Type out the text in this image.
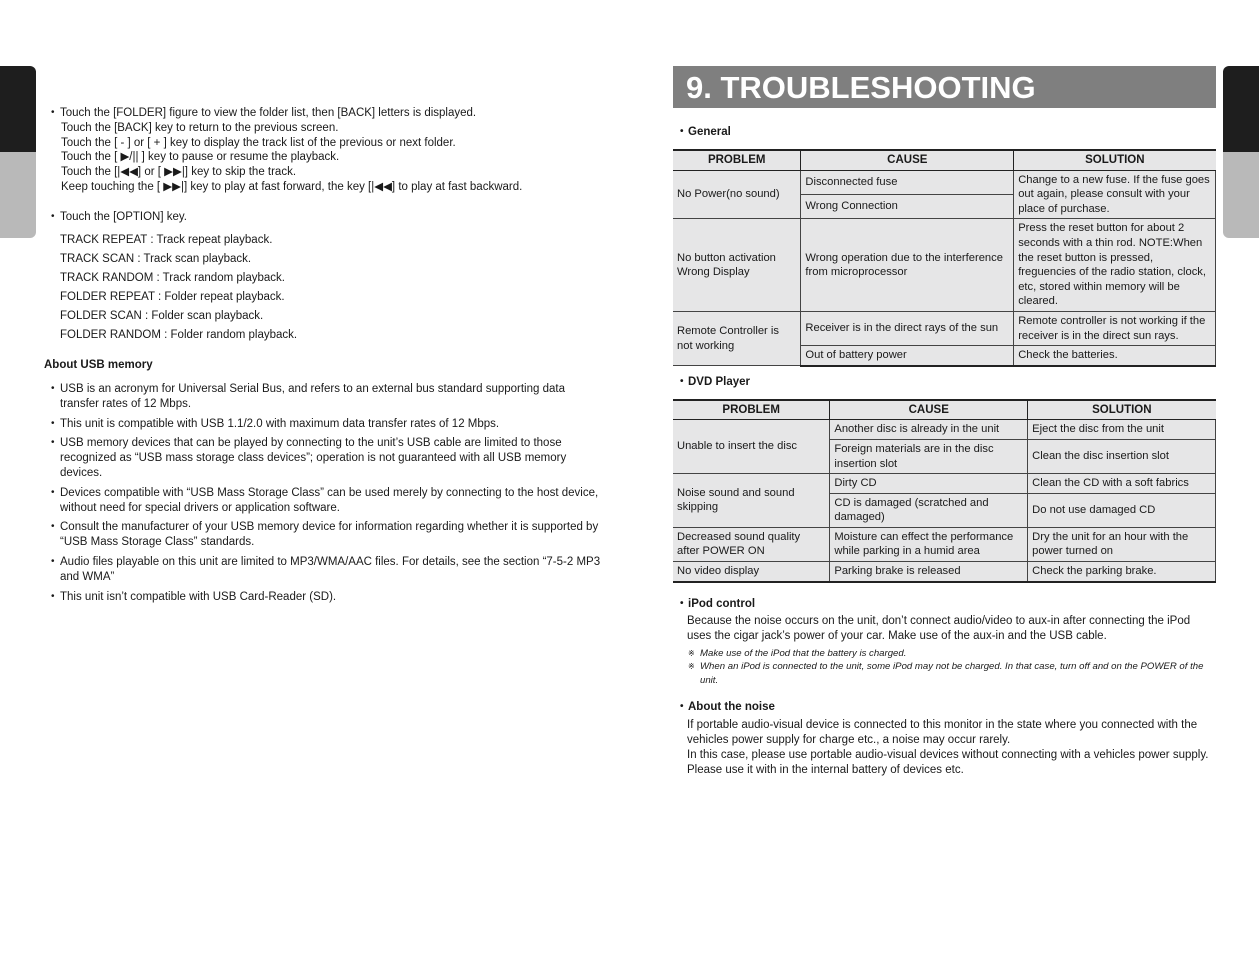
• Touch the [FOLDER] figure to view the folder list, then [BACK] letters is displayed.
Touch the [BACK] key to return to the previous screen.
Touch the [ - ] or [ + ] key to display the track list of the previous or next folder.
Touch the [ ▶/|| ] key to pause or resume the playback.
Touch the [|◀◀] or [ ▶▶|] key to skip the track.
Keep touching the [ ▶▶|] key to play at fast forward, the key [|◀◀] to play at fast backward.
• Touch the [OPTION] key.
TRACK REPEAT : Track repeat playback.
TRACK SCAN : Track scan playback.
TRACK RANDOM : Track random playback.
FOLDER REPEAT : Folder repeat playback.
FOLDER SCAN : Folder scan playback.
FOLDER RANDOM : Folder random playback.
About USB memory
• USB is an acronym for Universal Serial Bus, and refers to an external bus standard supporting data transfer rates of 12 Mbps.
• This unit is compatible with USB 1.1/2.0 with maximum data transfer rates of 12 Mbps.
• USB memory devices that can be played by connecting to the unit’s USB cable are limited to those recognized as “USB mass storage class devices”; operation is not guaranteed with all USB memory devices.
• Devices compatible with “USB Mass Storage Class” can be used merely by connecting to the host device, without need for special drivers or application software.
• Consult the manufacturer of your USB memory device for information regarding whether it is supported by “USB Mass Storage Class” standards.
• Audio files playable on this unit are limited to MP3/WMA/AAC files. For details, see the section “7-5-2 MP3 and WMA”
• This unit isn’t compatible with USB Card-Reader (SD).
9. TROUBLESHOOTING
• General
PROBLEM	CAUSE	SOLUTION
No Power(no sound)	Disconnected fuse	Change to a new fuse. If the fuse goes out again, please consult with your place of purchase.
	Wrong Connection	
No button activation Wrong Display	Wrong operation due to the interference from microprocessor	Press the reset button for about 2 seconds with a thin rod. NOTE:When the reset button is pressed, freguencies of the radio station, clock, etc, stored within memory will be cleared.
Remote Controller is not working	Receiver is in the direct rays of the sun	Remote controller is not working if the receiver is in the direct sun rays.
	Out of battery power	Check the batteries.
• DVD Player
PROBLEM	CAUSE	SOLUTION
Unable to insert the disc	Another disc is already in the unit	Eject the disc from the unit
	Foreign materials are in the disc insertion slot	Clean the disc insertion slot
Noise sound and sound skipping	Dirty CD	Clean the CD with a soft fabrics
	CD is damaged (scratched and damaged)	Do not use damaged CD
Decreased sound quality after POWER ON	Moisture can effect the performance while parking in a humid area	Dry the unit for an hour with the power turned on
No video display	Parking brake is released	Check the parking brake.
• iPod control
Because the noise occurs on the unit, don’t connect audio/video to aux-in after connecting the iPod uses the cigar jack’s power of your car. Make use of the aux-in and the USB cable.
※ Make use of the iPod that the battery is charged.
※ When an iPod is connected to the unit, some iPod may not be charged. In that case, turn off and on the POWER of the unit.
• About the noise
If portable audio-visual device is connected to this monitor in the state where you connected with the vehicles power supply for charge etc., a noise may occur rarely.
In this case, please use portable audio-visual devices without connecting with a vehicles power supply. Please use it with in the internal battery of devices etc.
